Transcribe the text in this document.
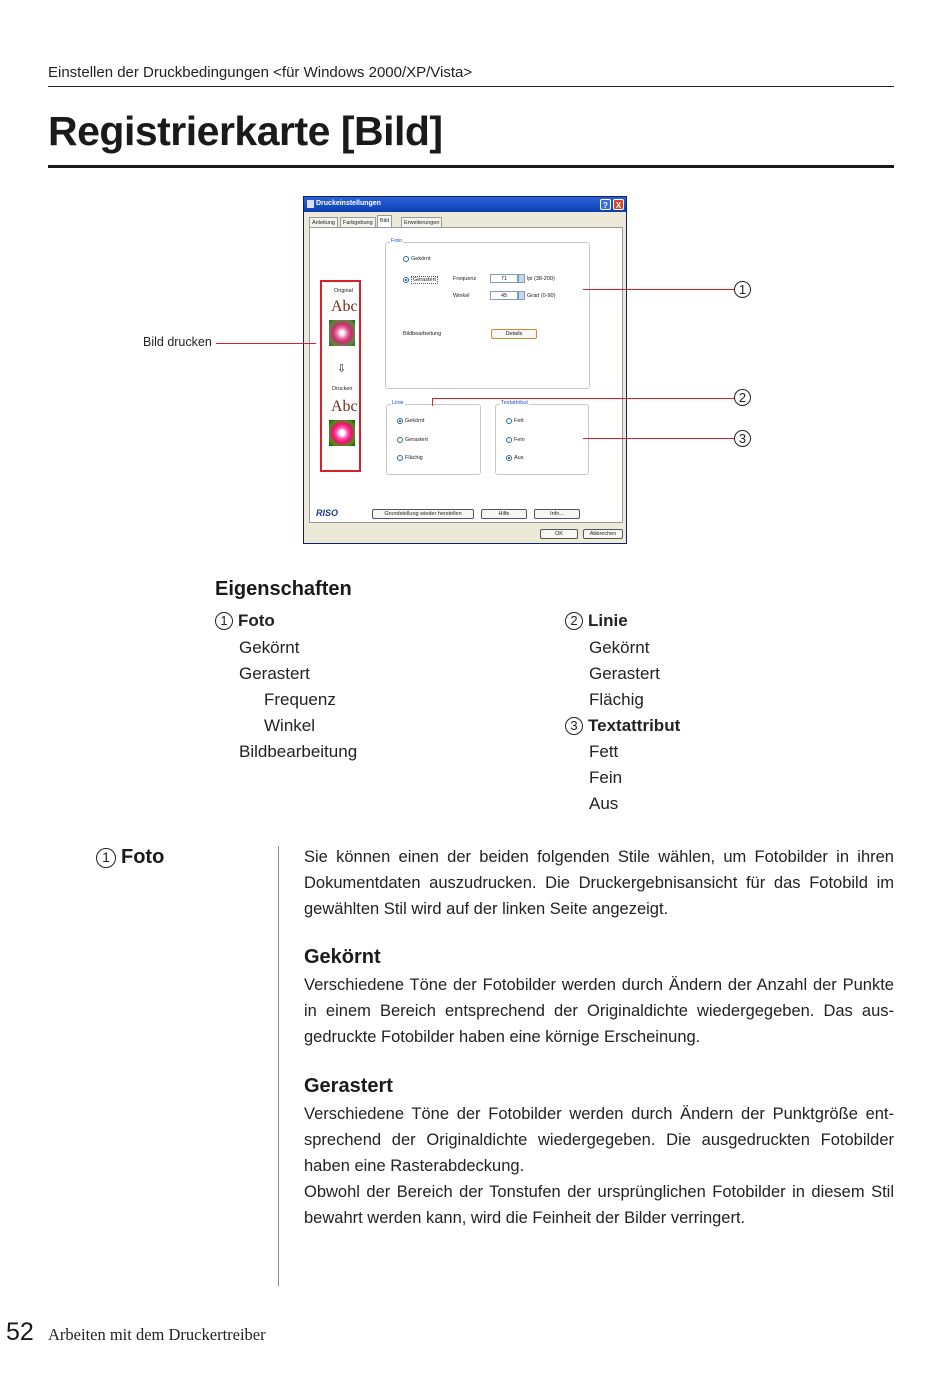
Einstellen der Druckbedingungen <für Windows 2000/XP/Vista>
Registrierkarte [Bild]
Druckeinstellungen	? X
Anleitung	Farbgebung	Bild	Erweiterungen
Original
Abc
⇩
Drucken
Abc
Foto
Gekörnt
Gerastert	Frequenz	71	lpi (38-200)
Winkel	45	Grad (0-90)
Bildbearbeitung	Details
Linie
Gekörnt
Gerastert
Flächig
Textattribut
Fett
Fein
Aus
RISO	Grundstellung wieder herstellen	Hilfe	Info...
OK	Abbrechen
Bild drucken
1
2
3
Eigenschaften
1 Foto
Gekörnt
Gerastert
Frequenz
Winkel
Bildbearbeitung
2 Linie
Gekörnt
Gerastert
Flächig
3 Textattribut
Fett
Fein
Aus
1 Foto	Sie können einen der beiden folgenden Stile wählen, um Fotobilder in ihren Dokumentdaten auszudrucken. Die Druckergebnisansicht für das Fotobild im gewählten Stil wird auf der linken Seite angezeigt.
Gekörnt
Verschiedene Töne der Fotobilder werden durch Ändern der Anzahl der Punkte in einem Bereich entsprechend der Originaldichte wiedergegeben. Das aus-gedruckte Fotobilder haben eine körnige Erscheinung.
Gerastert
Verschiedene Töne der Fotobilder werden durch Ändern der Punktgröße ent-sprechend der Originaldichte wiedergegeben. Die ausgedruckten Fotobilder haben eine Rasterabdeckung.
Obwohl der Bereich der Tonstufen der ursprünglichen Fotobilder in diesem Stil bewahrt werden kann, wird die Feinheit der Bilder verringert.
52 Arbeiten mit dem Druckertreiber
